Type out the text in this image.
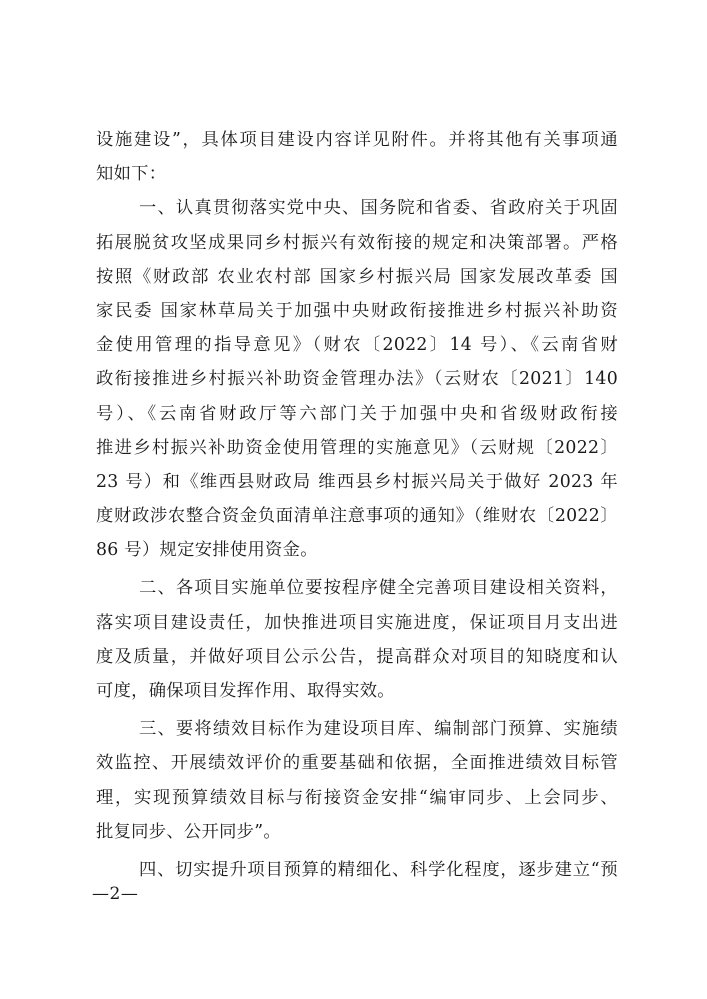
设施建设”，具体项目建设内容详见附件。并将其他有关事项通
知如下：
一、认真贯彻落实党中央、国务院和省委、省政府关于巩固
拓展脱贫攻坚成果同乡村振兴有效衔接的规定和决策部署。严格
按照《财政部 农业农村部 国家乡村振兴局 国家发展改革委 国
家民委 国家林草局关于加强中央财政衔接推进乡村振兴补助资
金使用管理的指导意见》（财农〔2022〕14 号）、《云南省财
政衔接推进乡村振兴补助资金管理办法》（云财农〔2021〕140
号）、《云南省财政厅等六部门关于加强中央和省级财政衔接
推进乡村振兴补助资金使用管理的实施意见》（云财规〔2022〕
23 号）和《维西县财政局 维西县乡村振兴局关于做好 2023 年
度财政涉农整合资金负面清单注意事项的通知》（维财农〔2022〕
86 号）规定安排使用资金。
二、各项目实施单位要按程序健全完善项目建设相关资料，
落实项目建设责任，加快推进项目实施进度，保证项目月支出进
度及质量，并做好项目公示公告，提高群众对项目的知晓度和认
可度，确保项目发挥作用、取得实效。
三、要将绩效目标作为建设项目库、编制部门预算、实施绩
效监控、开展绩效评价的重要基础和依据，全面推进绩效目标管
理，实现预算绩效目标与衔接资金安排“编审同步、上会同步、
批复同步、公开同步”。
四、切实提升项目预算的精细化、科学化程度，逐步建立“预
—2—
